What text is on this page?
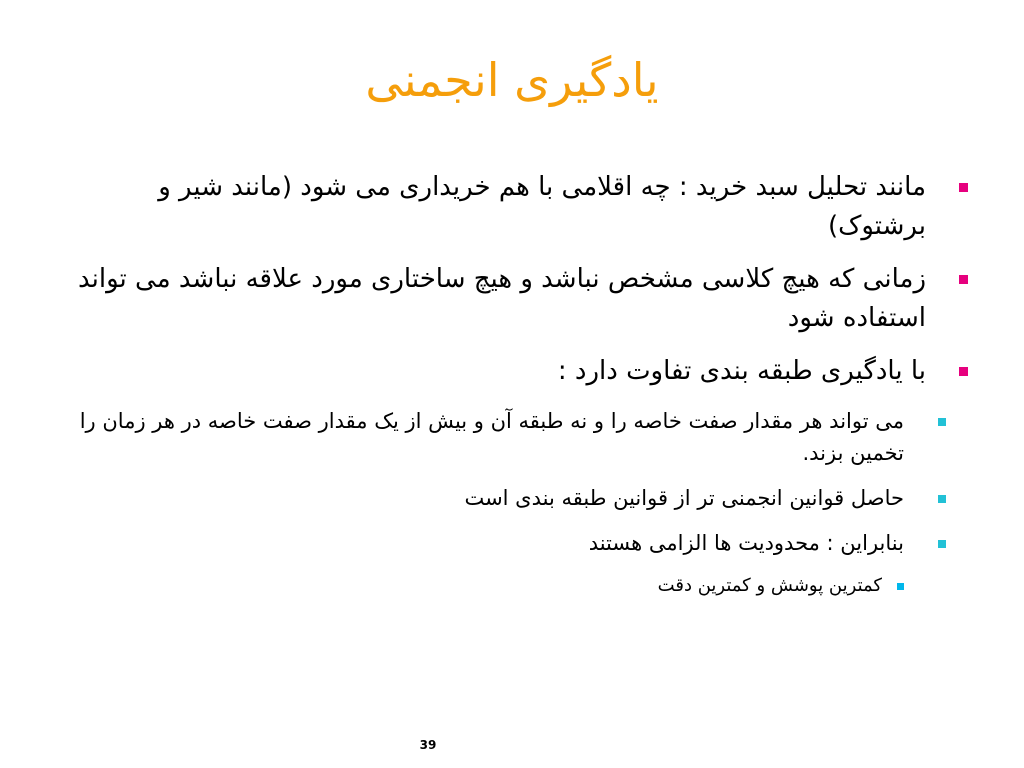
یادگیری انجمنی
مانند تحلیل سبد خرید : چه اقلامی با هم خریداری می شود (مانند شیر و برشتوک)
زمانی که هیچ کلاسی مشخص نباشد و هیچ ساختاری مورد علاقه نباشد می تواند استفاده شود
با یادگیری طبقه بندی تفاوت دارد :
می تواند هر مقدار صفت خاصه را و نه طبقه آن و بیش از یک مقدار صفت خاصه در هر زمان را تخمین بزند.
حاصل قوانین انجمنی تر از قوانین طبقه بندی است
بنابراین : محدودیت ها الزامی هستند
کمترین پوشش و کمترین دقت
39
